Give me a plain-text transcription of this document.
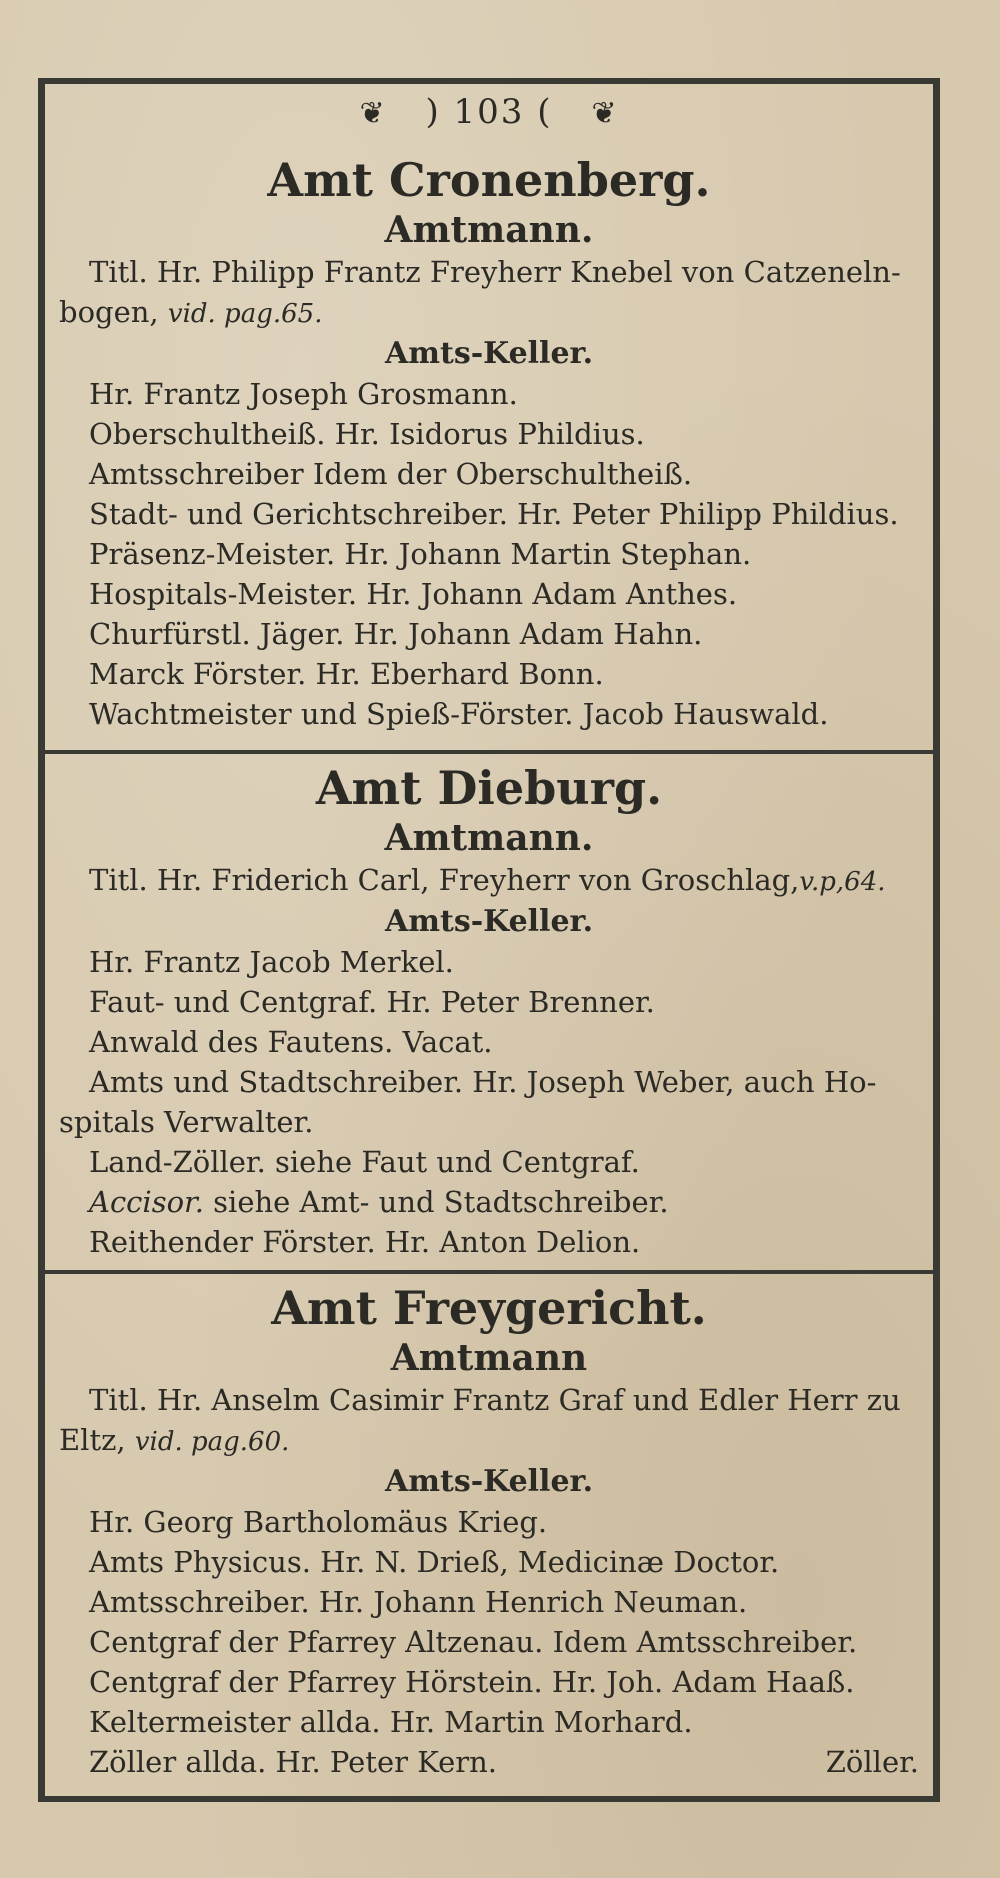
❦ ) 103 ( ❦

Amt Cronenberg.

Amtmann.

Titl. Hr. Philipp Frantz Freyherr Knebel von Catzeneln-

bogen, vid. pag.65.

Amts-Keller.

Hr. Frantz Joseph Grosmann.

Oberschultheiß. Hr. Isidorus Phildius.

Amtsschreiber Idem der Oberschultheiß.

Stadt- und Gerichtschreiber. Hr. Peter Philipp Phildius.

Präsenz-Meister. Hr. Johann Martin Stephan.

Hospitals-Meister. Hr. Johann Adam Anthes.

Churfürstl. Jäger. Hr. Johann Adam Hahn.

Marck Förster. Hr. Eberhard Bonn.

Wachtmeister und Spieß-Förster. Jacob Hauswald.

Amt Dieburg.

Amtmann.

Titl. Hr. Friderich Carl, Freyherr von Groschlag,v.p,64.

Amts-Keller.

Hr. Frantz Jacob Merkel.

Faut- und Centgraf. Hr. Peter Brenner.

Anwald des Fautens. Vacat.

Amts und Stadtschreiber. Hr. Joseph Weber, auch Ho-

spitals Verwalter.

Land-Zöller. siehe Faut und Centgraf.

Accisor. siehe Amt- und Stadtschreiber.

Reithender Förster. Hr. Anton Delion.

Amt Freygericht.

Amtmann

Titl. Hr. Anselm Casimir Frantz Graf und Edler Herr zu

Eltz, vid. pag.60.

Amts-Keller.

Hr. Georg Bartholomäus Krieg.

Amts Physicus. Hr. N. Drieß, Medicinæ Doctor.

Amtsschreiber. Hr. Johann Henrich Neuman.

Centgraf der Pfarrey Altzenau. Idem Amtsschreiber.

Centgraf der Pfarrey Hörstein. Hr. Joh. Adam Haaß.

Keltermeister allda. Hr. Martin Morhard.

Zöller allda. Hr. Peter Kern.	Zöller.
